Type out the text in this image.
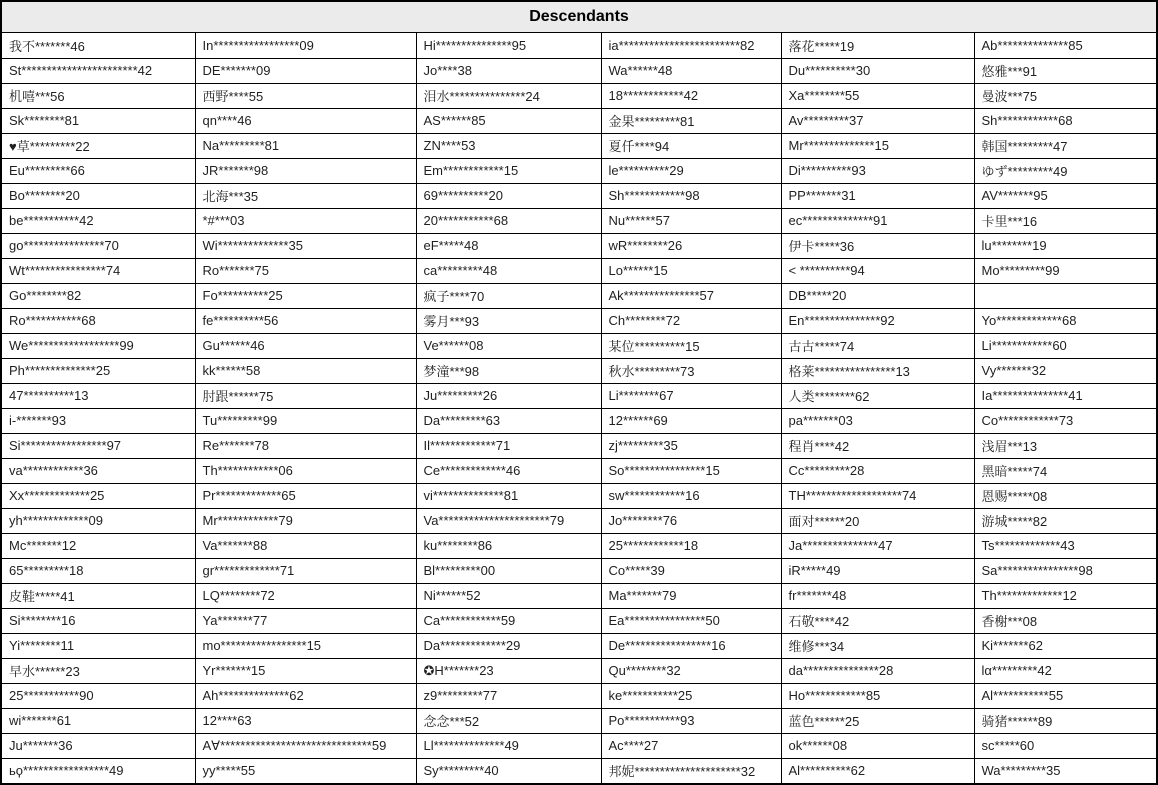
Descendants
我不*******46	In*****************09	Hi***************95	ia************************82	落花*****19	Ab**************85
St***********************42	DE*******09	Jo****38	Wa******48	Du**********30	悠雅***91
机嘻***56	西野****55	泪水***************24	18************42	Xa********55	曼波***75
Sk********81	qn****46	AS******85	金果*********81	Av*********37	Sh************68
♥草*********22	Na*********81	ZN****53	夏仟****94	Mr**************15	韩国*********47
Eu*********66	JR*******98	Em************15	le**********29	Di**********93	ゆず*********49
Bo********20	北海***35	69**********20	Sh************98	PP*******31	AV*******95
be***********42	*#***03	20***********68	Nu******57	ec**************91	卡里***16
go****************70	Wi**************35	eF*****48	wR********26	伊卡*****36	lu********19
Wt****************74	Ro*******75	ca*********48	Lo******15	< **********94	Mo*********99
Go********82	Fo**********25	疯子****70	Ak***************57	DB*****20	
Ro***********68	fe**********56	雾月***93	Ch********72	En***************92	Yo*************68
We******************99	Gu******46	Ve******08	某位**********15	古古*****74	Li************60
Ph**************25	kk******58	梦潼***98	秋水*********73	格莱****************13	Vy*******32
47**********13	肘跟******75	Ju*********26	Li********67	人类********62	Ia***************41
i-*******93	Tu*********99	Da*********63	12******69	pa*******03	Co************73
Si*****************97	Re*******78	Il*************71	zj*********35	程肖****42	浅眉***13
va************36	Th************06	Ce*************46	So****************15	Cc*********28	黑暗*****74
Xx*************25	Pr*************65	vi**************81	sw************16	TH*******************74	恩赐*****08
yh*************09	Mr************79	Va**********************79	Jo********76	面对******20	游城*****82
Mc*******12	Va*******88	ku********86	25************18	Ja***************47	Ts*************43
65*********18	gr*************71	Bl*********00	Co*****39	iR*****49	Sa****************98
皮鞋*****41	LQ********72	Ni******52	Ma*******79	fr*******48	Th*************12
Si********16	Ya*******77	Ca************59	Ea****************50	石敬****42	香榭***08
Yi********11	mo*****************15	Da*************29	De*****************16	维修***34	Ki*******62
早水******23	Yr*******15	✪H*******23	Qu********32	da***************28	lα*********42
25***********90	Ah**************62	z9*********77	ke***********25	Ho************85	Al***********55
wi*******61	12****63	念念***52	Po***********93	蓝色******25	骑猪******89
Ju*******36	A∀******************************59	Ll**************49	Ac****27	ok******08	sc*****60
ьϙ*****************49	yy*****55	Sy*********40	邦妮*********************32	Al**********62	Wa*********35
